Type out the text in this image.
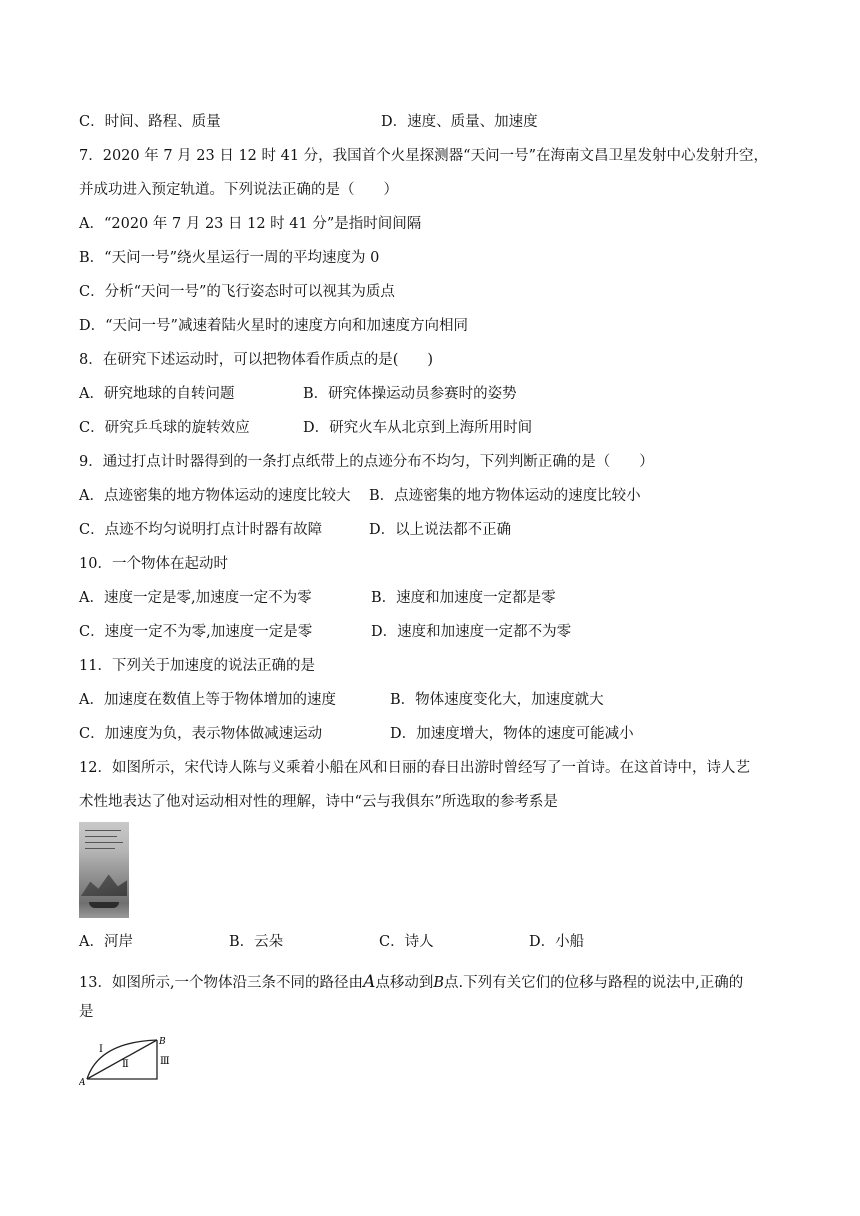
C．时间、路程、质量	D．速度、质量、加速度
7．2020 年 7 月 23 日 12 时 41 分，我国首个火星探测器“天问一号”在海南文昌卫星发射中心发射升空，
并成功进入预定轨道。下列说法正确的是（　　）
A．“2020 年 7 月 23 日 12 时 41 分”是指时间间隔
B．“天问一号”绕火星运行一周的平均速度为 0
C．分析“天问一号”的飞行姿态时可以视其为质点
D．“天问一号”减速着陆火星时的速度方向和加速度方向相同
8．在研究下述运动时，可以把物体看作质点的是(　　)
A．研究地球的自转问题	B．研究体操运动员参赛时的姿势
C．研究乒乓球的旋转效应	D．研究火车从北京到上海所用时间
9．通过打点计时器得到的一条打点纸带上的点迹分布不均匀，下列判断正确的是（　　）
A．点迹密集的地方物体运动的速度比较大 B．点迹密集的地方物体运动的速度比较小
C．点迹不均匀说明打点计时器有故障	D．以上说法都不正确
10．一个物体在起动时
A．速度一定是零,加速度一定不为零	B．速度和加速度一定都是零
C．速度一定不为零,加速度一定是零	D．速度和加速度一定都不为零
11．下列关于加速度的说法正确的是
A．加速度在数值上等于物体增加的速度	B．物体速度变化大，加速度就大
C．加速度为负，表示物体做减速运动	D．加速度增大，物体的速度可能减小
12．如图所示，宋代诗人陈与义乘着小船在风和日丽的春日出游时曾经写了一首诗。在这首诗中，诗人艺
术性地表达了他对运动相对性的理解，诗中“云与我俱东”所选取的参考系是
A．河岸	B．云朵	C．诗人	D．小船
13．如图所示,一个物体沿三条不同的路径由A点移动到B点.下列有关它们的位移与路程的说法中,正确的
是
Ⅰ
Ⅱ	Ⅲ
A
B
